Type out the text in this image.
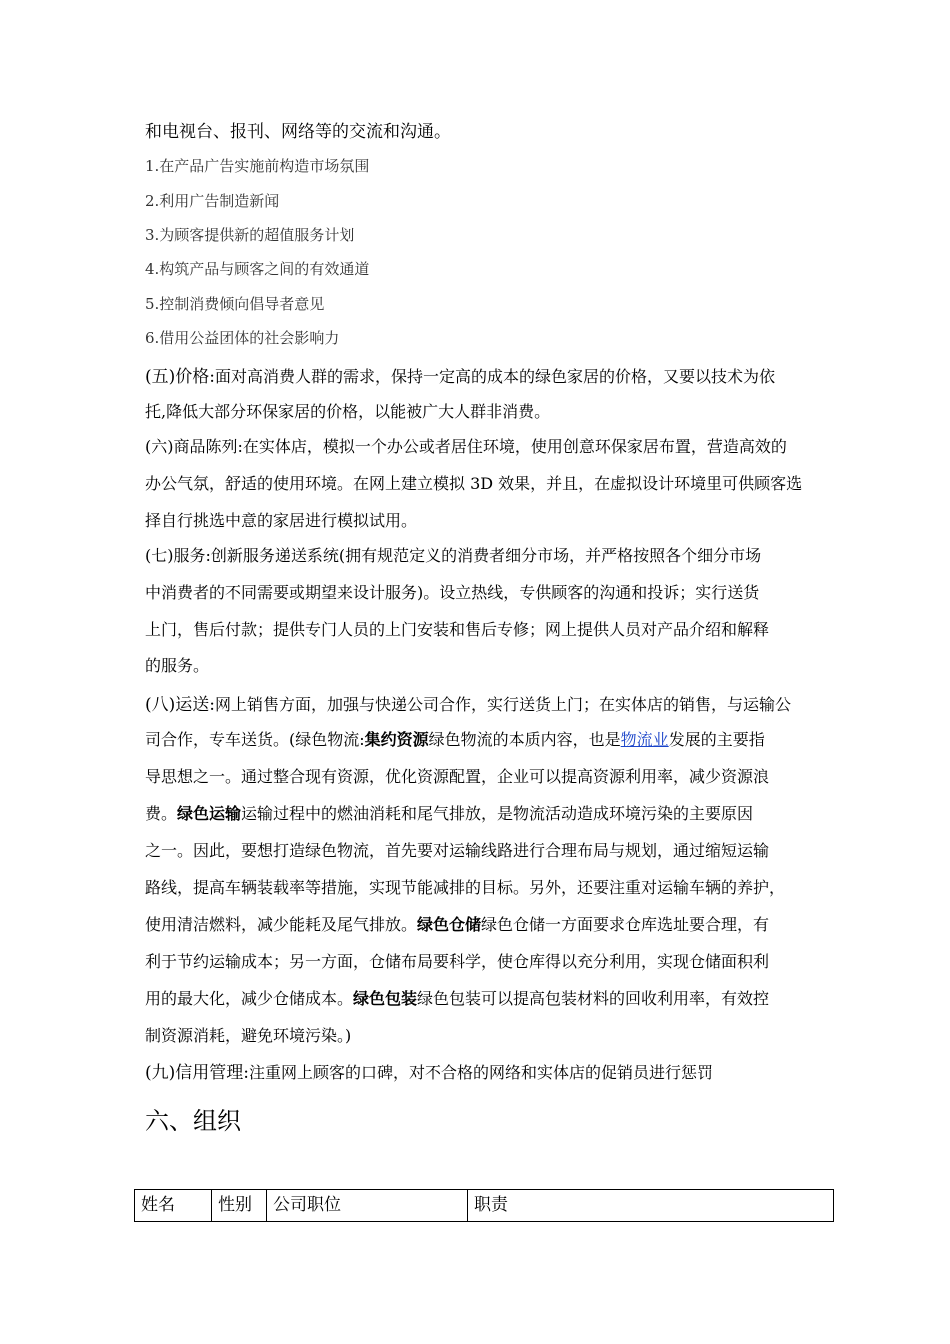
和电视台、报刊、网络等的交流和沟通。
1.在产品广告实施前构造市场氛围
2.利用广告制造新闻
3.为顾客提供新的超值服务计划
4.构筑产品与顾客之间的有效通道
5.控制消费倾向倡导者意见
6.借用公益团体的社会影响力
(五)价格:面对高消费人群的需求，保持一定高的成本的绿色家居的价格，又要以技术为依
托,降低大部分环保家居的价格，以能被广大人群非消费。
(六)商品陈列:在实体店，模拟一个办公或者居住环境，使用创意环保家居布置，营造高效的
办公气氛，舒适的使用环境。在网上建立模拟 3D 效果，并且，在虚拟设计环境里可供顾客选
择自行挑选中意的家居进行模拟试用。
(七)服务:创新服务递送系统(拥有规范定义的消费者细分市场，并严格按照各个细分市场
中消费者的不同需要或期望来设计服务)。设立热线，专供顾客的沟通和投诉；实行送货
上门，售后付款；提供专门人员的上门安装和售后专修；网上提供人员对产品介绍和解释
的服务。
(八)运送:网上销售方面，加强与快递公司合作，实行送货上门；在实体店的销售，与运输公
司合作，专车送货。(绿色物流:集约资源绿色物流的本质内容，也是物流业发展的主要指
导思想之一。通过整合现有资源，优化资源配置，企业可以提高资源利用率，减少资源浪
费。绿色运输运输过程中的燃油消耗和尾气排放，是物流活动造成环境污染的主要原因
之一。因此，要想打造绿色物流，首先要对运输线路进行合理布局与规划，通过缩短运输
路线，提高车辆装载率等措施，实现节能减排的目标。另外，还要注重对运输车辆的养护，
使用清洁燃料，减少能耗及尾气排放。绿色仓储绿色仓储一方面要求仓库选址要合理，有
利于节约运输成本；另一方面，仓储布局要科学，使仓库得以充分利用，实现仓储面积利
用的最大化，减少仓储成本。绿色包装绿色包装可以提高包装材料的回收利用率，有效控
制资源消耗，避免环境污染。)
(九)信用管理:注重网上顾客的口碑，对不合格的网络和实体店的促销员进行惩罚
六、组织
姓名	性别	公司职位	职责
